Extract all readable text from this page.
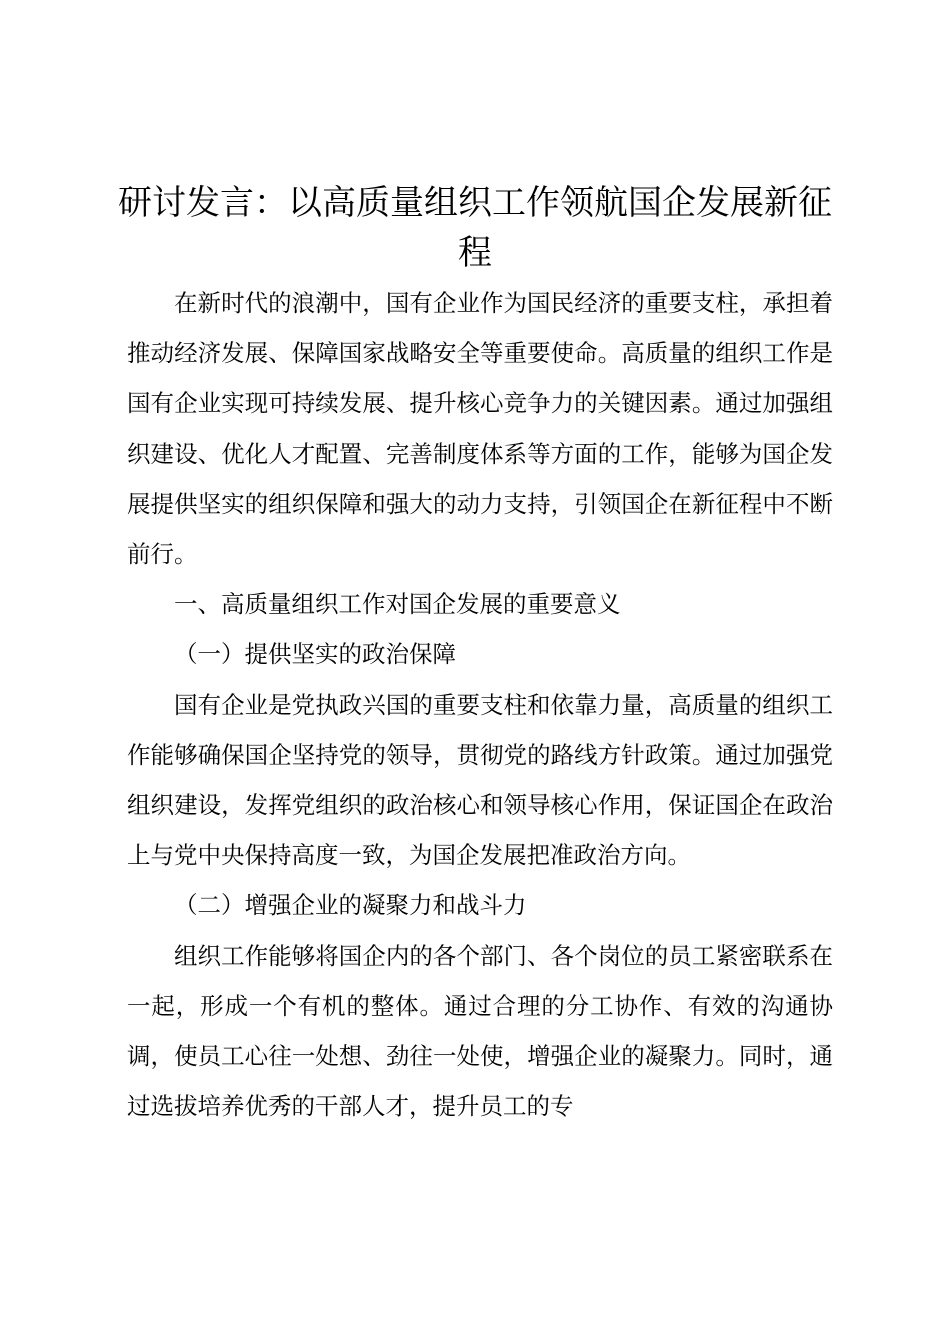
研讨发言：以高质量组织工作领航国企发展新征程

在新时代的浪潮中，国有企业作为国民经济的重要支柱，承担着推动经济发展、保障国家战略安全等重要使命。高质量的组织工作是国有企业实现可持续发展、提升核心竞争力的关键因素。通过加强组织建设、优化人才配置、完善制度体系等方面的工作，能够为国企发展提供坚实的组织保障和强大的动力支持，引领国企在新征程中不断前行。

一、高质量组织工作对国企发展的重要意义

（一）提供坚实的政治保障

国有企业是党执政兴国的重要支柱和依靠力量，高质量的组织工作能够确保国企坚持党的领导，贯彻党的路线方针政策。通过加强党组织建设，发挥党组织的政治核心和领导核心作用，保证国企在政治上与党中央保持高度一致，为国企发展把准政治方向。

（二）增强企业的凝聚力和战斗力

组织工作能够将国企内的各个部门、各个岗位的员工紧密联系在一起，形成一个有机的整体。通过合理的分工协作、有效的沟通协调，使员工心往一处想、劲往一处使，增强企业的凝聚力。同时，通过选拔培养优秀的干部人才，提升员工的专
